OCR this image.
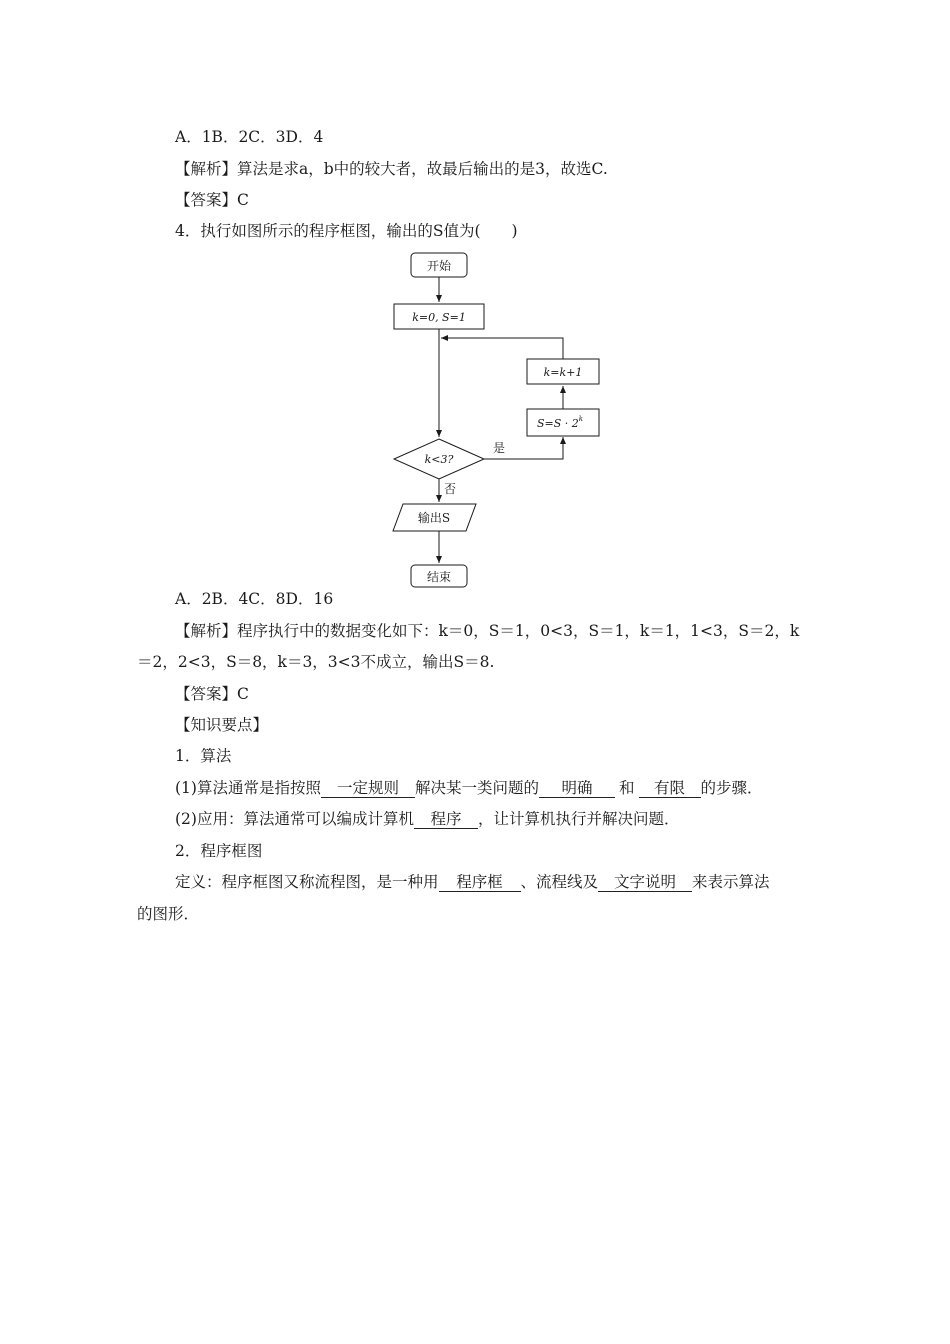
A．1B．2C．3D．4
【解析】算法是求a，b中的较大者，故最后输出的是3，故选C.
【答案】C
4．执行如图所示的程序框图，输出的S值为(　　)
开始
k=0, S=1
k=k+1
$S=S \cdot 2^k$
k<3?
是
否
输出S
结束
A．2B．4C．8D．16
【解析】程序执行中的数据变化如下：k＝0，S＝1，0<3，S＝1，k＝1，1<3，S＝2，k
＝2，2<3，S＝8，k＝3，3<3不成立，输出S＝8.
【答案】C
【知识要点】
1．算法
(1)算法通常是指按照 一定规则 解决某一类问题的 明确 和 有限 的步骤．
(2)应用：算法通常可以编成计算机 程序 ，让计算机执行并解决问题．
2．程序框图
定义：程序框图又称流程图，是一种用 程序框 、流程线及 文字说明 来表示算法
的图形．
